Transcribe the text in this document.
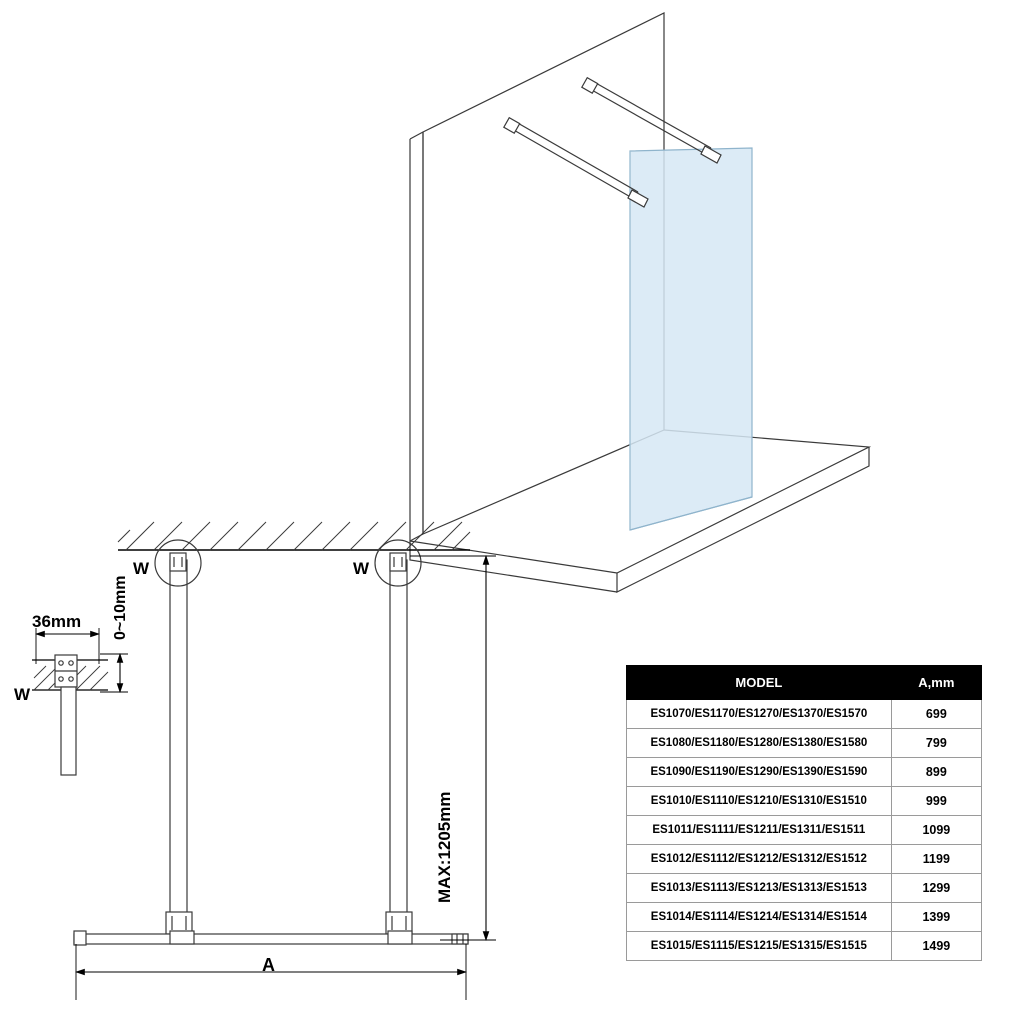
36mm 0~10mm
W
W	W
MAX:1205mm
A
MODEL	A,mm
ES1070/ES1170/ES1270/ES1370/ES1570	699
ES1080/ES1180/ES1280/ES1380/ES1580	799
ES1090/ES1190/ES1290/ES1390/ES1590	899
ES1010/ES1110/ES1210/ES1310/ES1510	999
ES1011/ES1111/ES1211/ES1311/ES1511	1099
ES1012/ES1112/ES1212/ES1312/ES1512	1199
ES1013/ES1113/ES1213/ES1313/ES1513	1299
ES1014/ES1114/ES1214/ES1314/ES1514	1399
ES1015/ES1115/ES1215/ES1315/ES1515	1499
